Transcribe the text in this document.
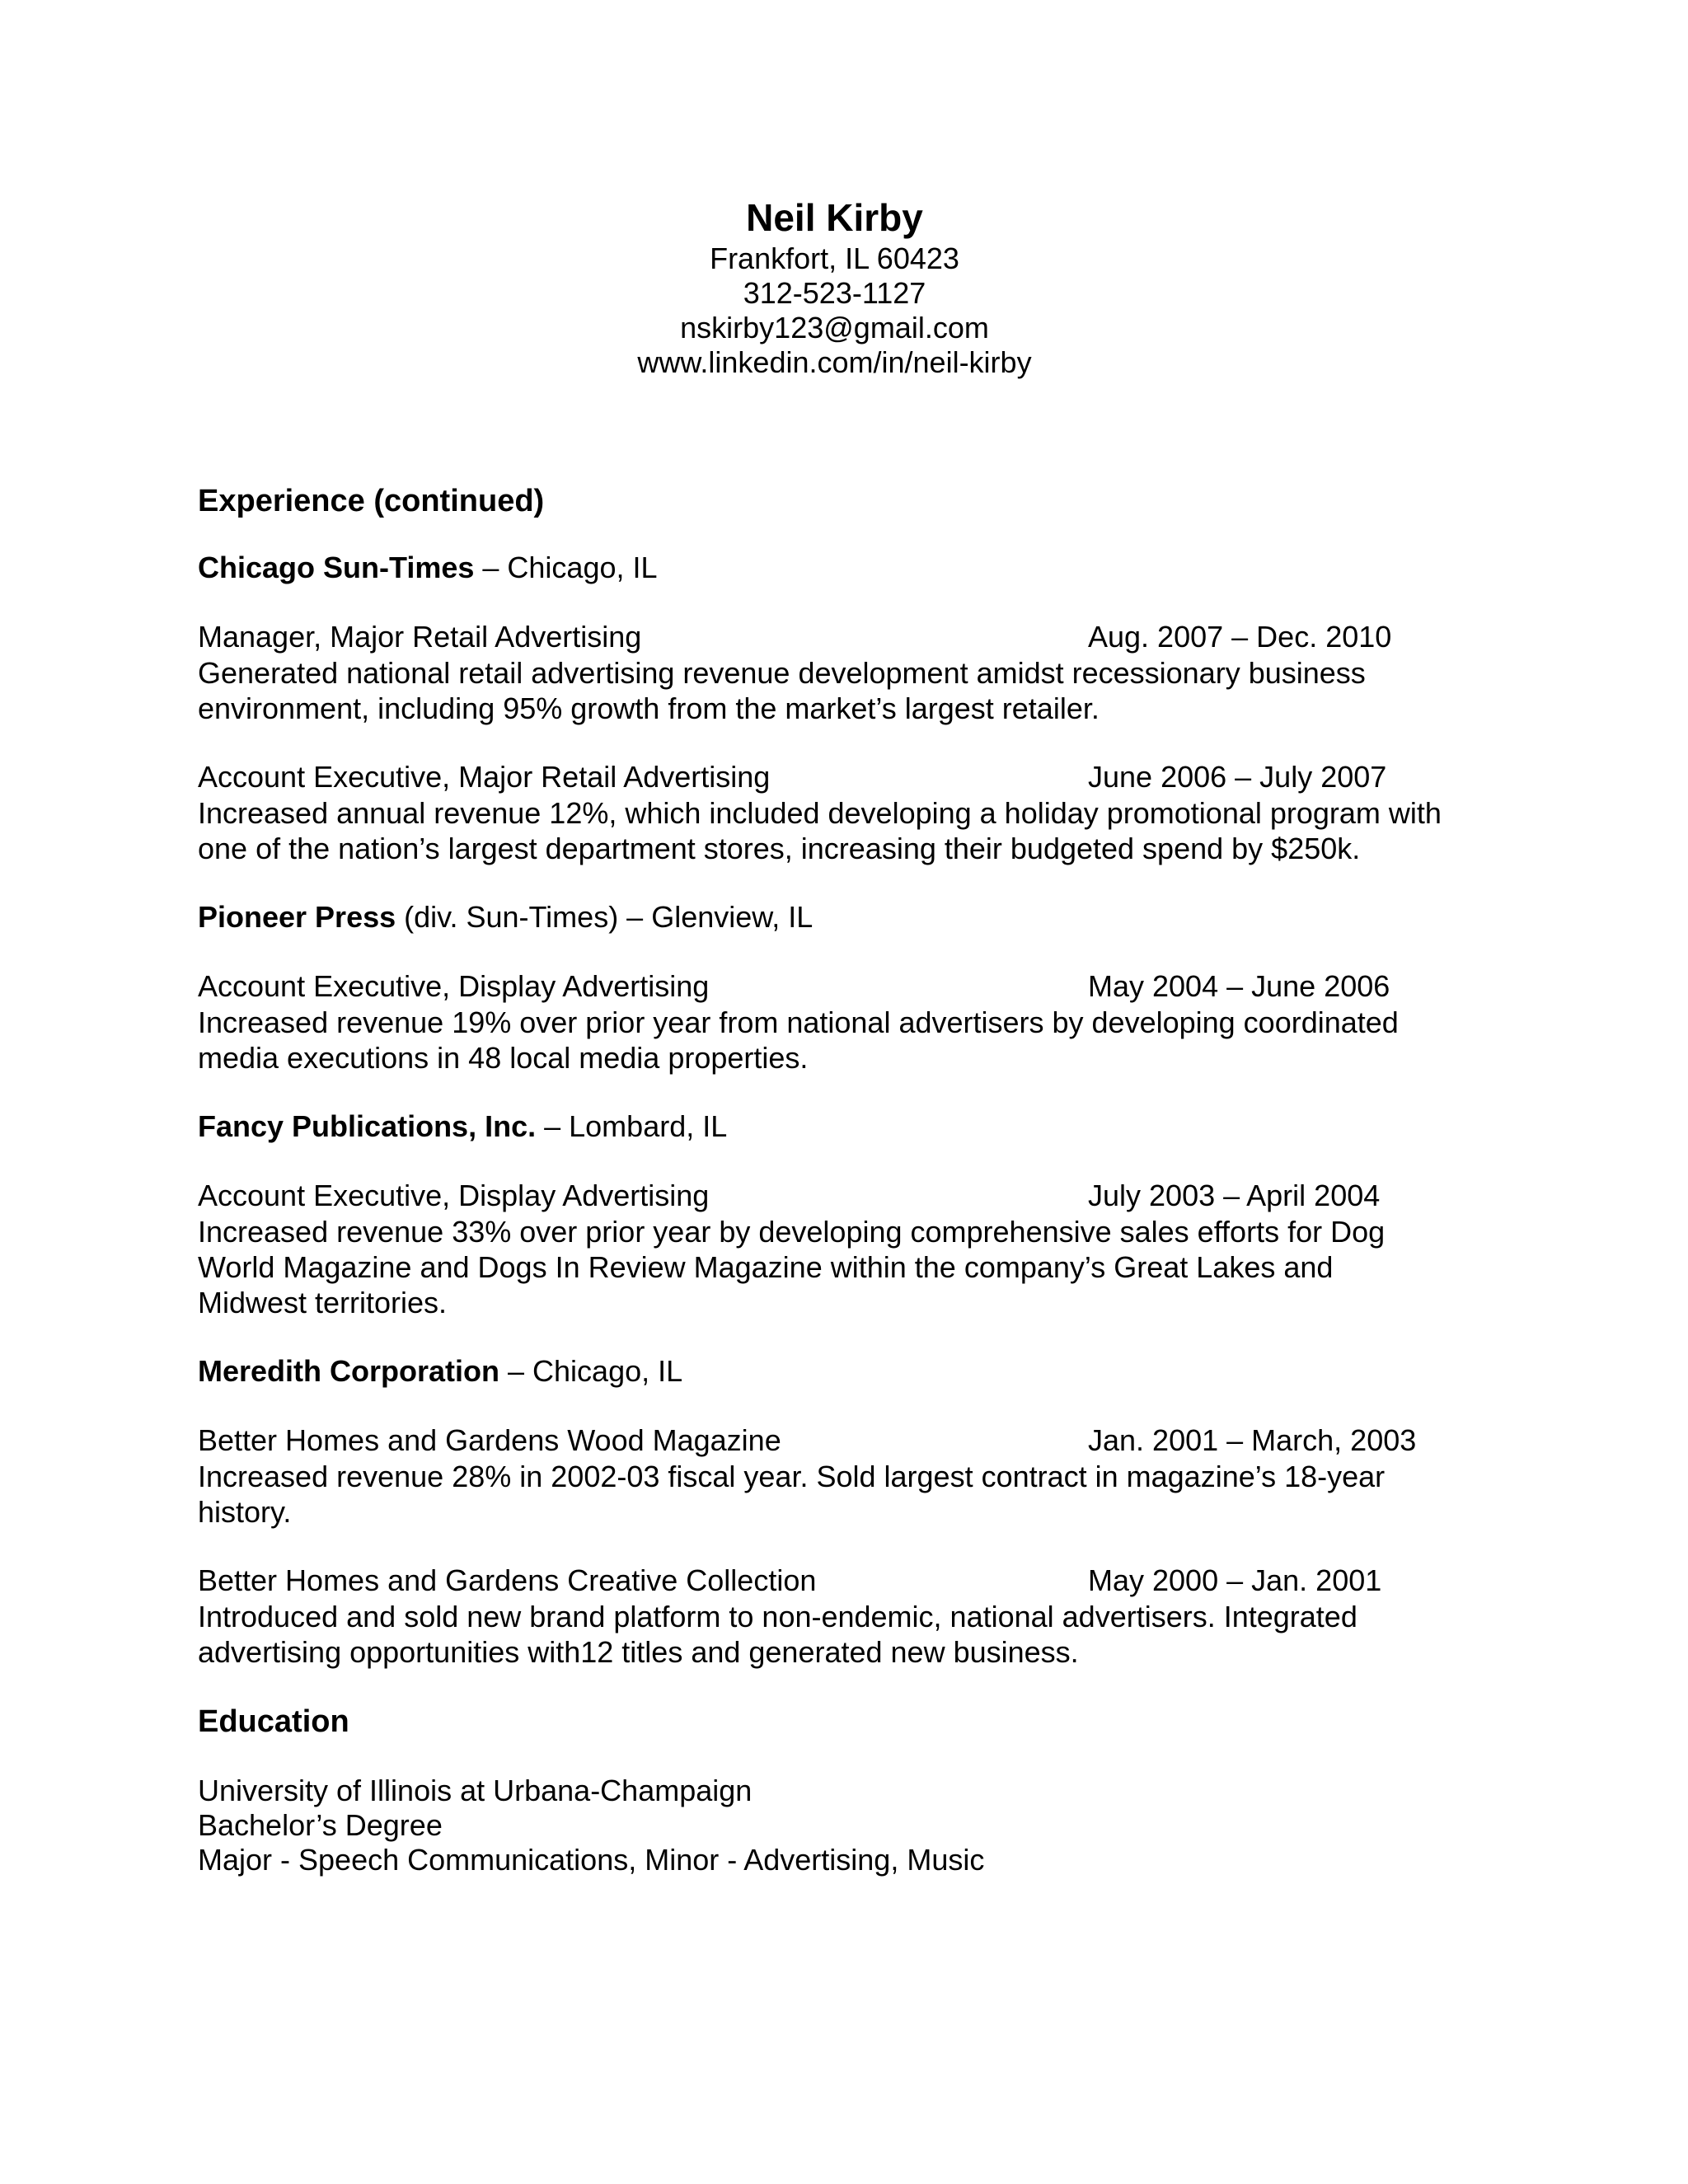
Neil Kirby
Frankfort, IL 60423
312-523-1127
nskirby123@gmail.com
www.linkedin.com/in/neil-kirby
Experience (continued)
Chicago Sun-Times – Chicago, IL
Manager, Major Retail Advertising	Aug. 2007 – Dec. 2010

Generated national retail advertising revenue development amidst recessionary business environment, including 95% growth from the market’s largest retailer.

Account Executive, Major Retail Advertising	June 2006 – July 2007

Increased annual revenue 12%, which included developing a holiday promotional program with one of the nation’s largest department stores, increasing their budgeted spend by $250k.

Pioneer Press (div. Sun-Times) – Glenview, IL
Account Executive, Display Advertising	May 2004 – June 2006

Increased revenue 19% over prior year from national advertisers by developing coordinated media executions in 48 local media properties.

Fancy Publications, Inc. – Lombard, IL
Account Executive, Display Advertising	July 2003 – April 2004

Increased revenue 33% over prior year by developing comprehensive sales efforts for Dog World Magazine and Dogs In Review Magazine within the company’s Great Lakes and Midwest territories.

Meredith Corporation – Chicago, IL
Better Homes and Gardens Wood Magazine	Jan. 2001 – March, 2003

Increased revenue 28% in 2002-03 fiscal year. Sold largest contract in magazine’s 18-year history.

Better Homes and Gardens Creative Collection	May 2000 – Jan. 2001

Introduced and sold new brand platform to non-endemic, national advertisers. Integrated advertising opportunities with12 titles and generated new business.

Education
University of Illinois at Urbana-Champaign
Bachelor’s Degree
Major - Speech Communications, Minor - Advertising, Music
